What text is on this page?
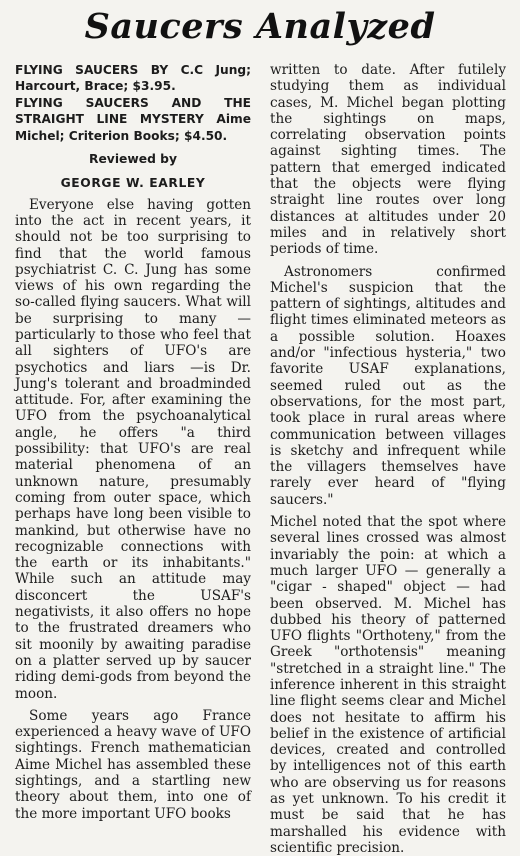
Saucers Analyzed

FLYING SAUCERS BY C.C Jung; Harcourt, Brace; $3.95.

FLYING SAUCERS AND THE STRAIGHT LINE MYSTERY Aime Michel; Criterion Books; $4.50.

Reviewed by
GEORGE W. EARLEY

Everyone else having gotten into the act in recent years, it should not be too surprising to find that the world famous psychiatrist C. C. Jung has some views of his own regarding the so-called flying saucers. What will be surprising to many — particularly to those who feel that all sighters of UFO's are psychotics and liars —is Dr. Jung's tolerant and broadminded attitude. For, after examining the UFO from the psychoanalytical angle, he offers "a third possibility: that UFO's are real material phenomena of an unknown nature, presumably coming from outer space, which perhaps have long been visible to mankind, but otherwise have no recognizable connections with the earth or its inhabitants." While such an attitude may disconcert the USAF's negativists, it also offers no hope to the frustrated dreamers who sit moonily by awaiting paradise on a platter served up by saucer riding demi-gods from beyond the moon.

Some years ago France experienced a heavy wave of UFO sightings. French mathematician Aime Michel has assembled these sightings, and a startling new theory about them, into one of the more important UFO books

written to date. After futilely studying them as individual cases, M. Michel began plotting the sightings on maps, correlating observation points against sighting times. The pattern that emerged indicated that the objects were flying straight line routes over long distances at altitudes under 20 miles and in relatively short periods of time.

Astronomers confirmed Michel's suspicion that the pattern of sightings, altitudes and flight times eliminated meteors as a possible solution. Hoaxes and/or "infectious hysteria," two favorite USAF explanations, seemed ruled out as the observations, for the most part, took place in rural areas where communication between villages is sketchy and infrequent while the villagers themselves have rarely ever heard of "flying saucers."

Michel noted that the spot where several lines crossed was almost invariably the poin: at which a much larger UFO — generally a "cigar - shaped" object — had been observed. M. Michel has dubbed his theory of patterned UFO flights "Orthoteny," from the Greek "orthotensis" meaning "stretched in a straight line." The inference inherent in this straight line flight seems clear and Michel does not hesitate to affirm his belief in the existence of artificial devices, created and controlled by intelligences not of this earth who are observing us for reasons as yet unknown. To his credit it must be said that he has marshalled his evidence with scientific precision.
